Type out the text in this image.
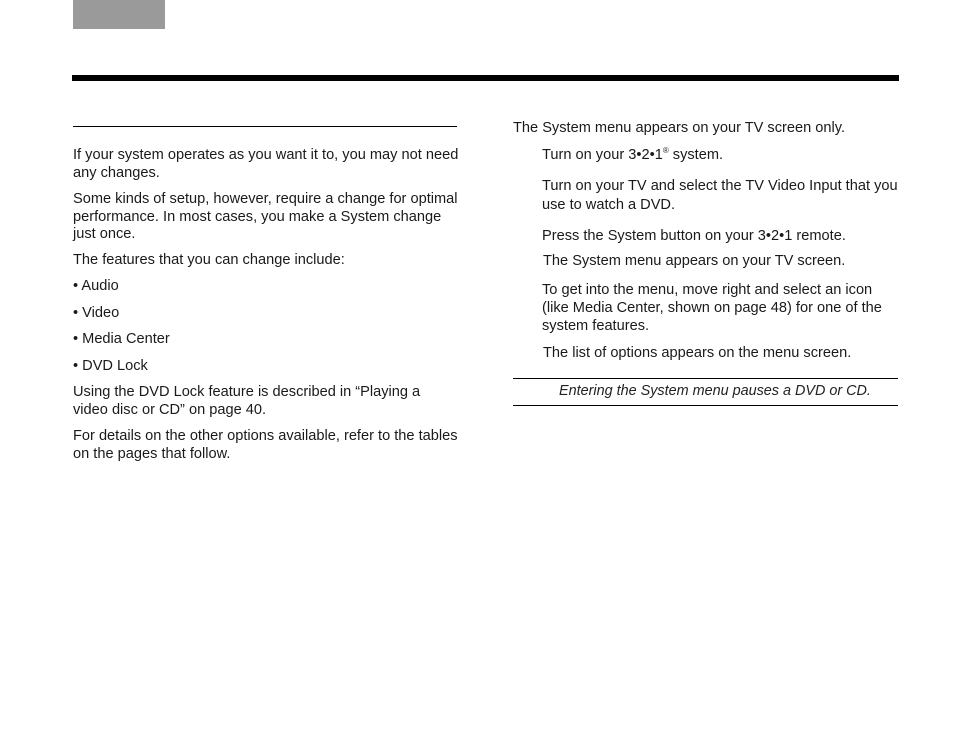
If your system operates as you want it to, you may not need any changes.

Some kinds of setup, however, require a change for optimal performance. In most cases, you make a System change just once.

The features that you can change include:

• Audio

• Video

• Media Center

• DVD Lock

Using the DVD Lock feature is described in “Playing a video disc or CD” on page 40.

For details on the other options available, refer to the tables on the pages that follow.

The System menu appears on your TV screen only.
Turn on your 3•2•1® system.
Turn on your TV and select the TV Video Input that you use to watch a DVD.
Press the System button on your 3•2•1 remote.
The System menu appears on your TV screen.
To get into the menu, move right and select an icon (like Media Center, shown on page 48) for one of the system features.
The list of options appears on the menu screen.
Entering the System menu pauses a DVD or CD.
